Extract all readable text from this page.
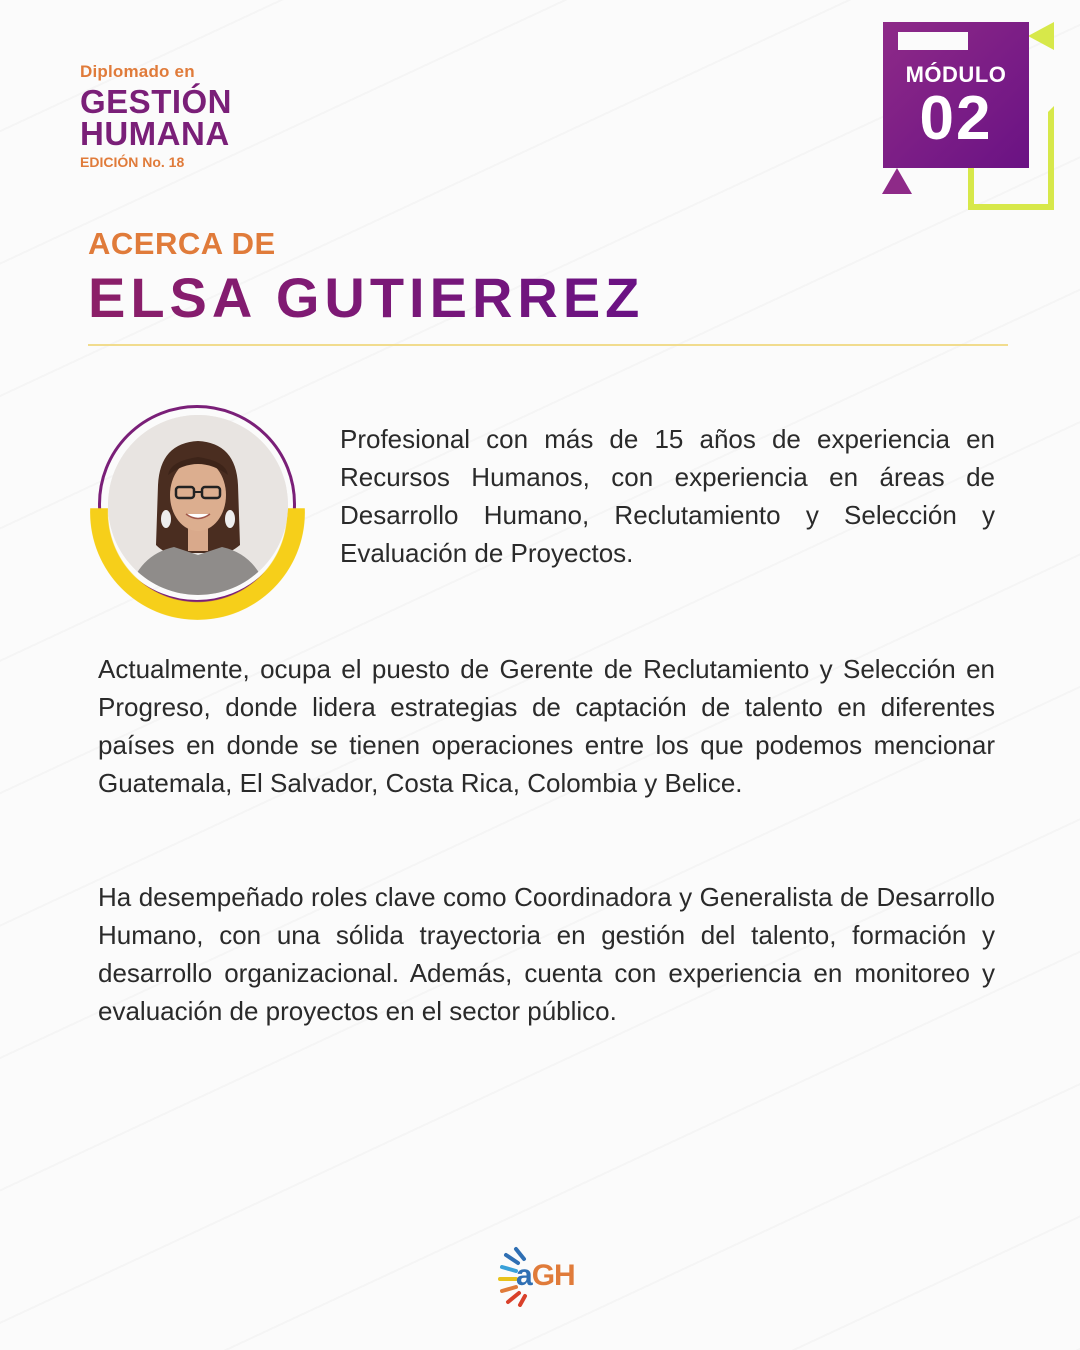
Diplomado en
GESTIÓN
HUMANA
EDICIÓN No. 18
MÓDULO
02
ACERCA DE
ELSA GUTIERREZ

Profesional con más de 15 años de experiencia en Recursos Humanos, con experiencia en áreas de Desarrollo Humano, Reclutamiento y Selección y Evaluación de Proyectos.

Actualmente, ocupa el puesto de Gerente de Reclutamiento y Selección en Progreso, donde lidera estrategias de captación de talento en diferentes países en donde se tienen operaciones entre los que podemos mencionar Guatemala, El Salvador, Costa Rica, Colombia y Belice.

Ha desempeñado roles clave como Coordinadora y Generalista de Desarrollo Humano, con una sólida trayectoria en gestión del talento, formación y desarrollo organizacional. Además, cuenta con experiencia en monitoreo y evaluación de proyectos en el sector público.

aGH
